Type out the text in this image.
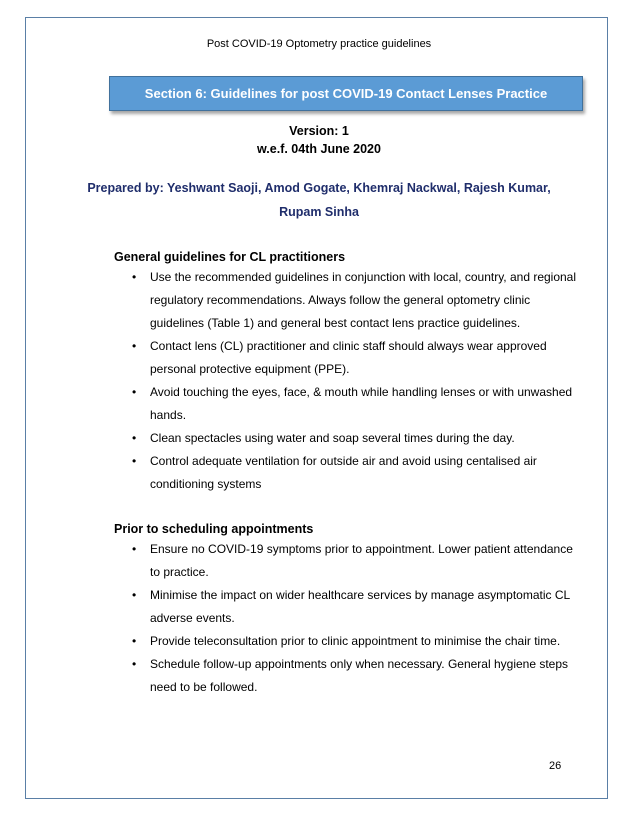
Post COVID-19 Optometry practice guidelines
Section 6: Guidelines for post COVID-19 Contact Lenses Practice
Version: 1
w.e.f. 04th June 2020
Prepared by: Yeshwant Saoji, Amod Gogate, Khemraj Nackwal, Rajesh Kumar,
Rupam Sinha
General guidelines for CL practitioners
• Use the recommended guidelines in conjunction with local, country, and regional regulatory recommendations. Always follow the general optometry clinic guidelines (Table 1) and general best contact lens practice guidelines.
• Contact lens (CL) practitioner and clinic staff should always wear approved personal protective equipment (PPE).
• Avoid touching the eyes, face, & mouth while handling lenses or with unwashed hands.
• Clean spectacles using water and soap several times during the day.
• Control adequate ventilation for outside air and avoid using centalised air conditioning systems
Prior to scheduling appointments
• Ensure no COVID-19 symptoms prior to appointment. Lower patient attendance to practice.
• Minimise the impact on wider healthcare services by manage asymptomatic CL adverse events.
• Provide teleconsultation prior to clinic appointment to minimise the chair time.
• Schedule follow-up appointments only when necessary. General hygiene steps need to be followed.
26
